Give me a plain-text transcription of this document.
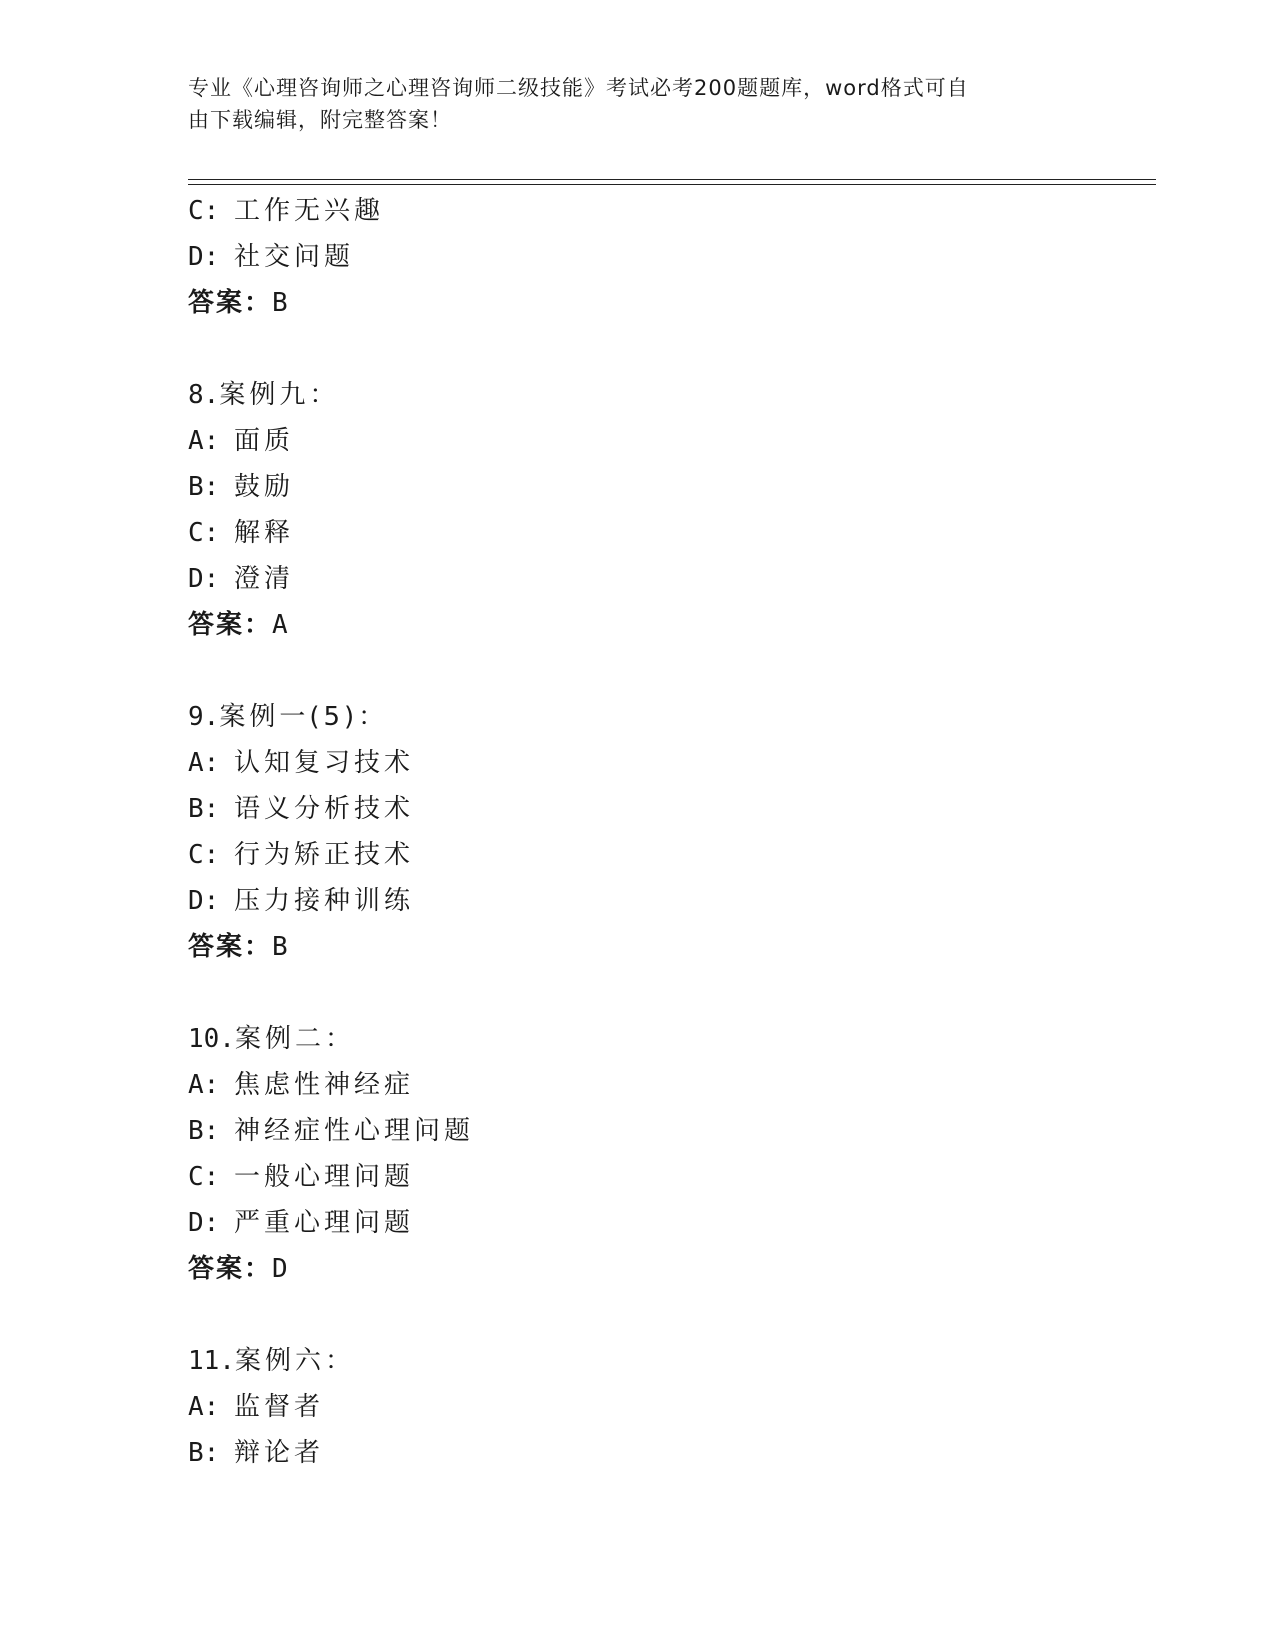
专业《心理咨询师之心理咨询师二级技能》考试必考200题题库，word格式可自
由下载编辑，附完整答案！
C: 工作无兴趣
D: 社交问题
答案：B
8.案例九：
A: 面质
B: 鼓励
C: 解释
D: 澄清
答案：A
9.案例一(5)：
A: 认知复习技术
B: 语义分析技术
C: 行为矫正技术
D: 压力接种训练
答案：B
10.案例二：
A: 焦虑性神经症
B: 神经症性心理问题
C: 一般心理问题
D: 严重心理问题
答案：D
11.案例六：
A: 监督者
B: 辩论者
